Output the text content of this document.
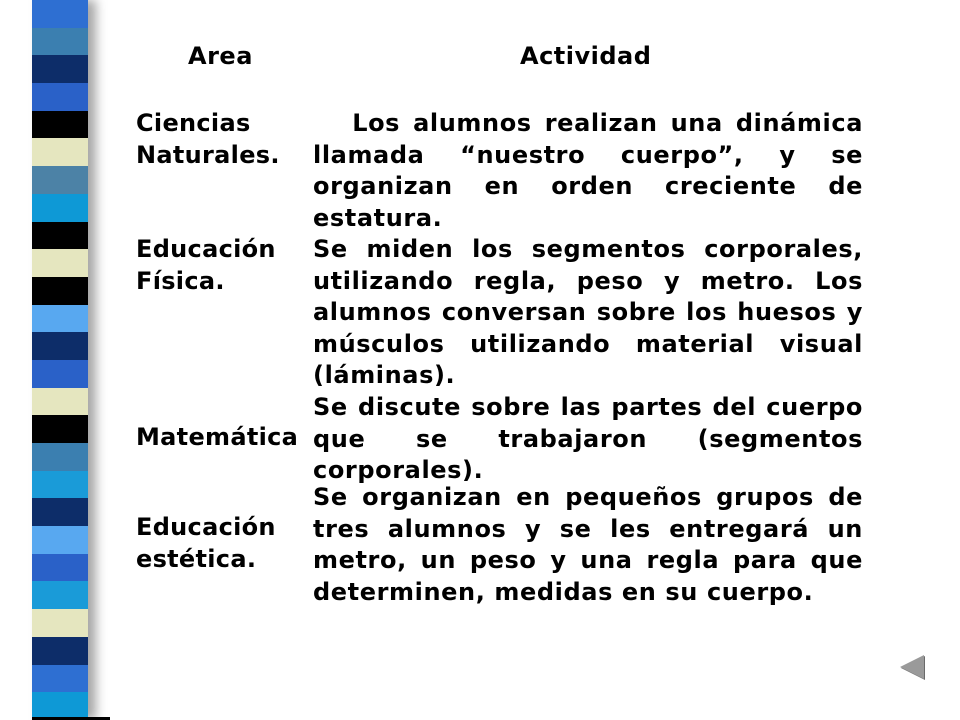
Area	Actividad
Ciencias
Naturales.
Los alumnos realizan una dinámica llamada “nuestro cuerpo”, y se organizan en orden creciente de estatura.
Educación
Física.
Se miden los segmentos corporales, utilizando regla, peso y metro. Los alumnos conversan sobre los huesos y músculos utilizando material visual (láminas).
Matemática
Se discute sobre las partes del cuerpo que se trabajaron (segmentos corporales).
Educación
estética.
Se organizan en pequeños grupos de tres alumnos y se les entregará un metro, un peso y una regla para que determinen, medidas en su cuerpo.
